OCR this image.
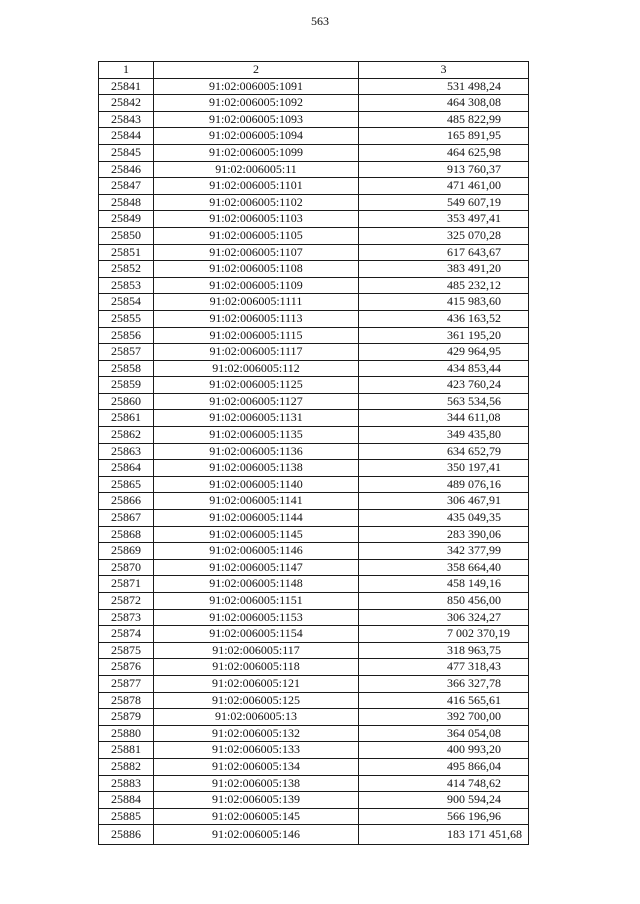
563
1	2	3
25841	91:02:006005:1091	531 498,24
25842	91:02:006005:1092	464 308,08
25843	91:02:006005:1093	485 822,99
25844	91:02:006005:1094	165 891,95
25845	91:02:006005:1099	464 625,98
25846	91:02:006005:11	913 760,37
25847	91:02:006005:1101	471 461,00
25848	91:02:006005:1102	549 607,19
25849	91:02:006005:1103	353 497,41
25850	91:02:006005:1105	325 070,28
25851	91:02:006005:1107	617 643,67
25852	91:02:006005:1108	383 491,20
25853	91:02:006005:1109	485 232,12
25854	91:02:006005:1111	415 983,60
25855	91:02:006005:1113	436 163,52
25856	91:02:006005:1115	361 195,20
25857	91:02:006005:1117	429 964,95
25858	91:02:006005:112	434 853,44
25859	91:02:006005:1125	423 760,24
25860	91:02:006005:1127	563 534,56
25861	91:02:006005:1131	344 611,08
25862	91:02:006005:1135	349 435,80
25863	91:02:006005:1136	634 652,79
25864	91:02:006005:1138	350 197,41
25865	91:02:006005:1140	489 076,16
25866	91:02:006005:1141	306 467,91
25867	91:02:006005:1144	435 049,35
25868	91:02:006005:1145	283 390,06
25869	91:02:006005:1146	342 377,99
25870	91:02:006005:1147	358 664,40
25871	91:02:006005:1148	458 149,16
25872	91:02:006005:1151	850 456,00
25873	91:02:006005:1153	306 324,27
25874	91:02:006005:1154	7 002 370,19
25875	91:02:006005:117	318 963,75
25876	91:02:006005:118	477 318,43
25877	91:02:006005:121	366 327,78
25878	91:02:006005:125	416 565,61
25879	91:02:006005:13	392 700,00
25880	91:02:006005:132	364 054,08
25881	91:02:006005:133	400 993,20
25882	91:02:006005:134	495 866,04
25883	91:02:006005:138	414 748,62
25884	91:02:006005:139	900 594,24
25885	91:02:006005:145	566 196,96
25886	91:02:006005:146	183 171 451,68
